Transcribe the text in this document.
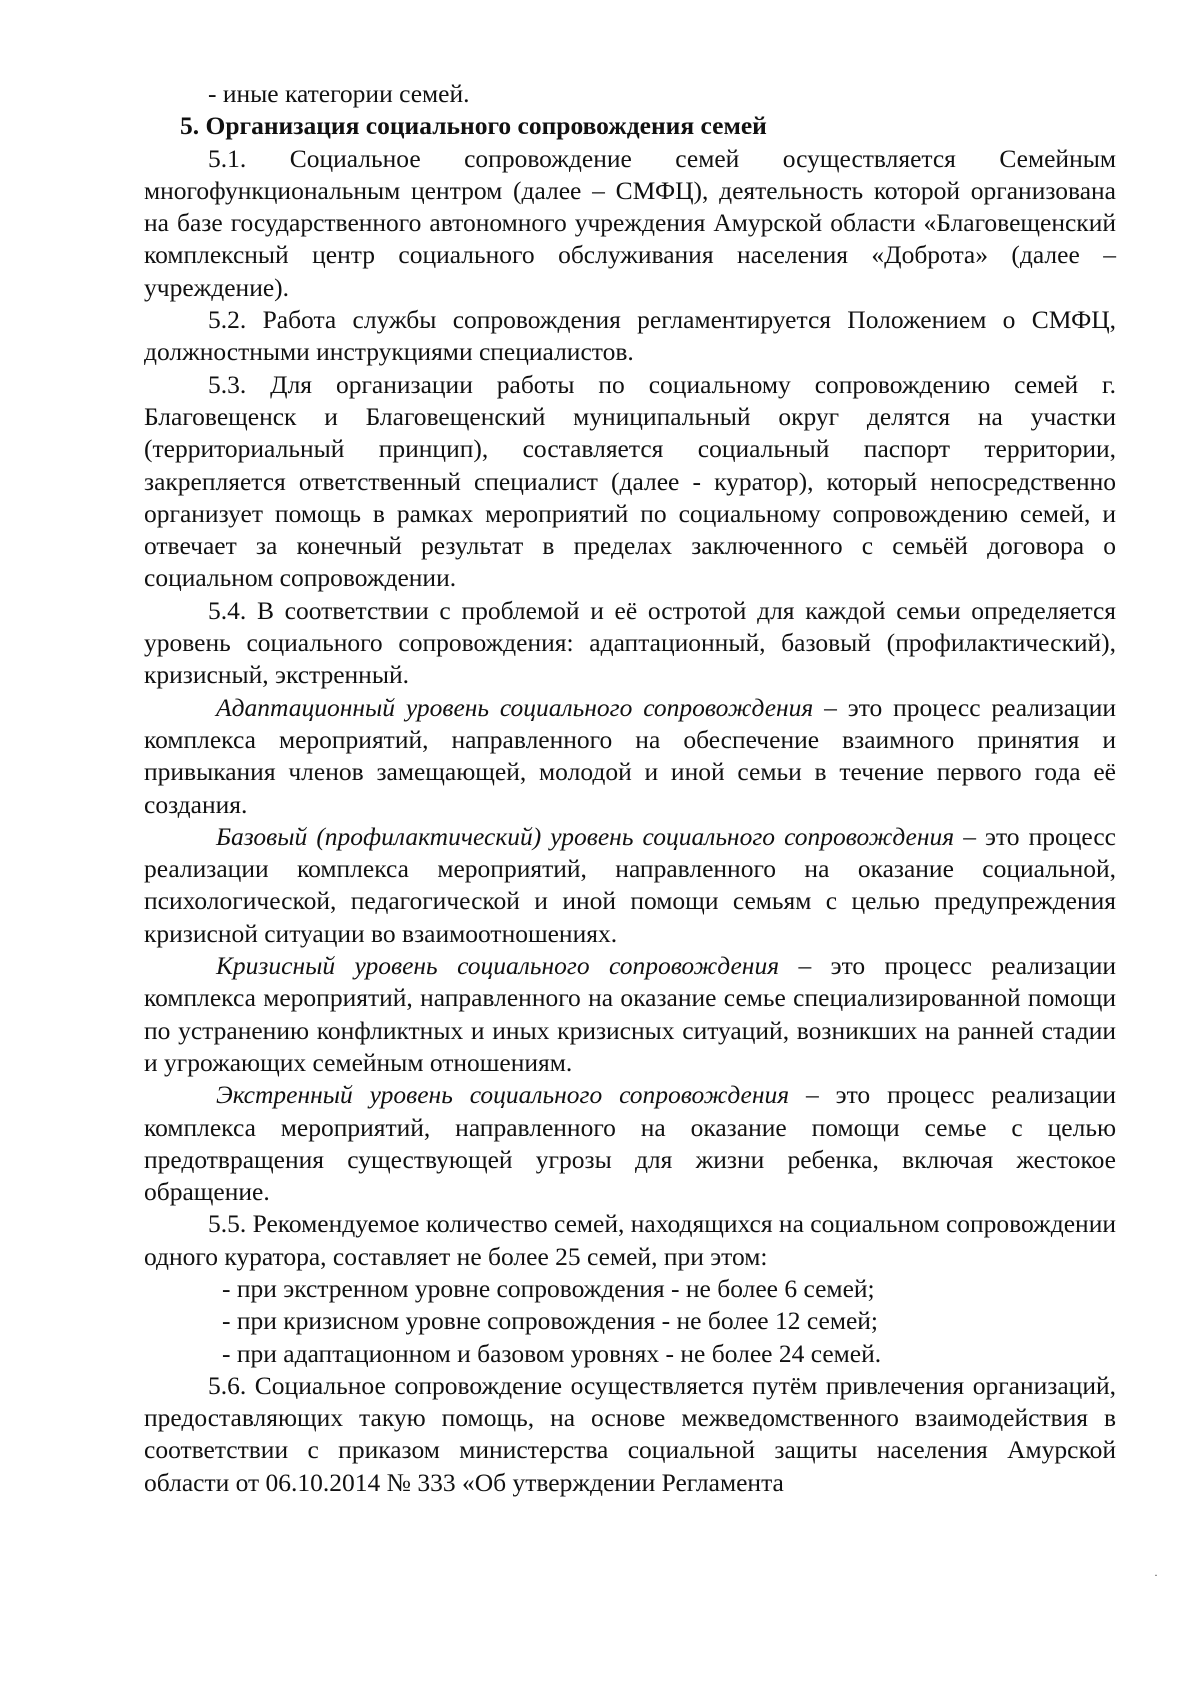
- иные категории семей.

5. Организация социального сопровождения семей

5.1. Социальное сопровождение семей осуществляется Семейным многофункциональным центром (далее – СМФЦ), деятельность которой организована на базе государственного автономного учреждения Амурской области «Благовещенский комплексный центр социального обслуживания населения «Доброта» (далее – учреждение).

5.2. Работа службы сопровождения регламентируется Положением о СМФЦ, должностными инструкциями специалистов.

5.3. Для организации работы по социальному сопровождению семей г. Благовещенск и Благовещенский муниципальный округ делятся на участки (территориальный принцип), составляется социальный паспорт территории, закрепляется ответственный специалист (далее - куратор), который непосредственно организует помощь в рамках мероприятий по социальному сопровождению семей, и отвечает за конечный результат в пределах заключенного с семьёй договора о социальном сопровождении.

5.4. В соответствии с проблемой и её остротой для каждой семьи определяется уровень социального сопровождения: адаптационный, базовый (профилактический), кризисный, экстренный.

Адаптационный уровень социального сопровождения – это процесс реализации комплекса мероприятий, направленного на обеспечение взаимного принятия и привыкания членов замещающей, молодой и иной семьи в течение первого года её создания.

Базовый (профилактический) уровень социального сопровождения – это процесс реализации комплекса мероприятий, направленного на оказание социальной, психологической, педагогической и иной помощи семьям с целью предупреждения кризисной ситуации во взаимоотношениях.

Кризисный уровень социального сопровождения – это процесс реализации комплекса мероприятий, направленного на оказание семье специализированной помощи по устранению конфликтных и иных кризисных ситуаций, возникших на ранней стадии и угрожающих семейным отношениям.

Экстренный уровень социального сопровождения – это процесс реализации комплекса мероприятий, направленного на оказание помощи семье с целью предотвращения существующей угрозы для жизни ребенка, включая жестокое обращение.

5.5. Рекомендуемое количество семей, находящихся на социальном сопровождении одного куратора, составляет не более 25 семей, при этом:

- при экстренном уровне сопровождения - не более 6 семей;

- при кризисном уровне сопровождения - не более 12 семей;

- при адаптационном и базовом уровнях - не более 24 семей.

5.6. Социальное сопровождение осуществляется путём привлечения организаций, предоставляющих такую помощь, на основе межведомственного взаимодействия в соответствии с приказом министерства социальной защиты населения Амурской области от 06.10.2014 № 333 «Об утверждении Регламента

·
